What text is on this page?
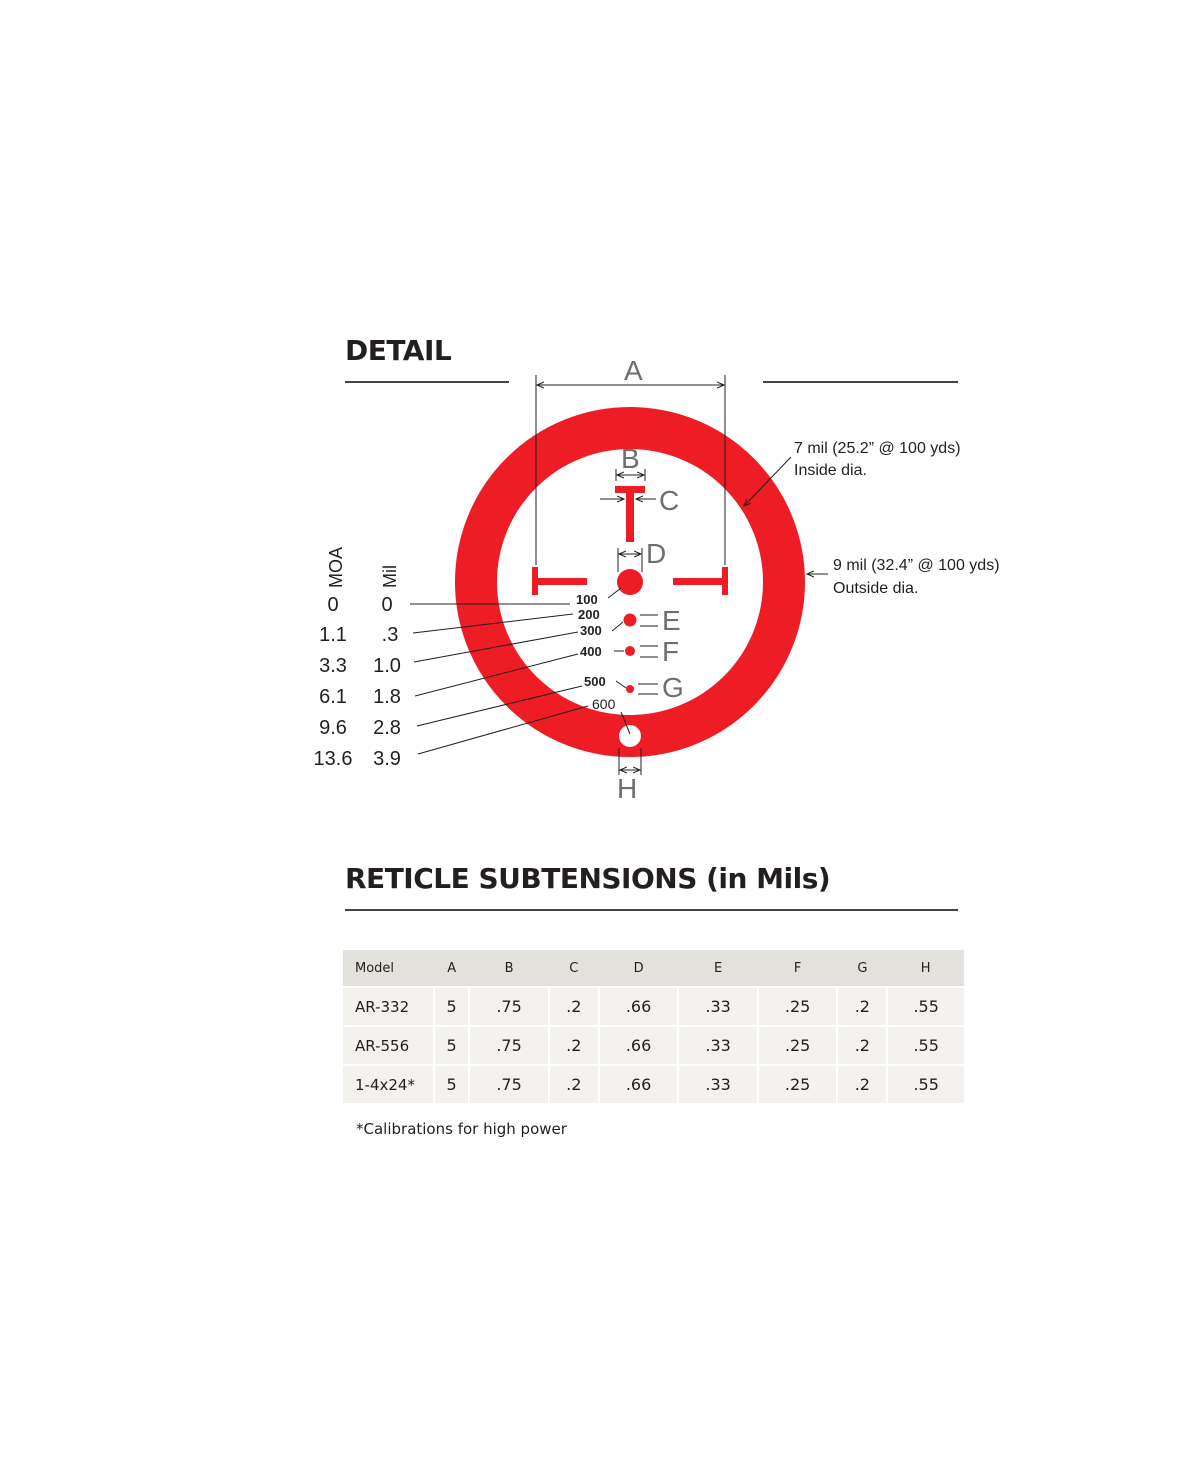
DETAIL
A
B
C
D
E
F
G
H
7 mil (25.2” @ 100 yds)
Inside dia.
9 mil (32.4” @ 100 yds)
Outside dia.
100
200
300
400
500
600
MOA Mil
0 0
1.1 .3
3.3 1.0
6.1 1.8
9.6 2.8
13.6 3.9
RETICLE SUBTENSIONS (in Mils)
Model	A	B	C	D	E	F	G	H
AR-332	5	.75	.2	.66	.33	.25	.2	.55
AR-556	5	.75	.2	.66	.33	.25	.2	.55
1-4x24*	5	.75	.2	.66	.33	.25	.2	.55

*Calibrations for high power
